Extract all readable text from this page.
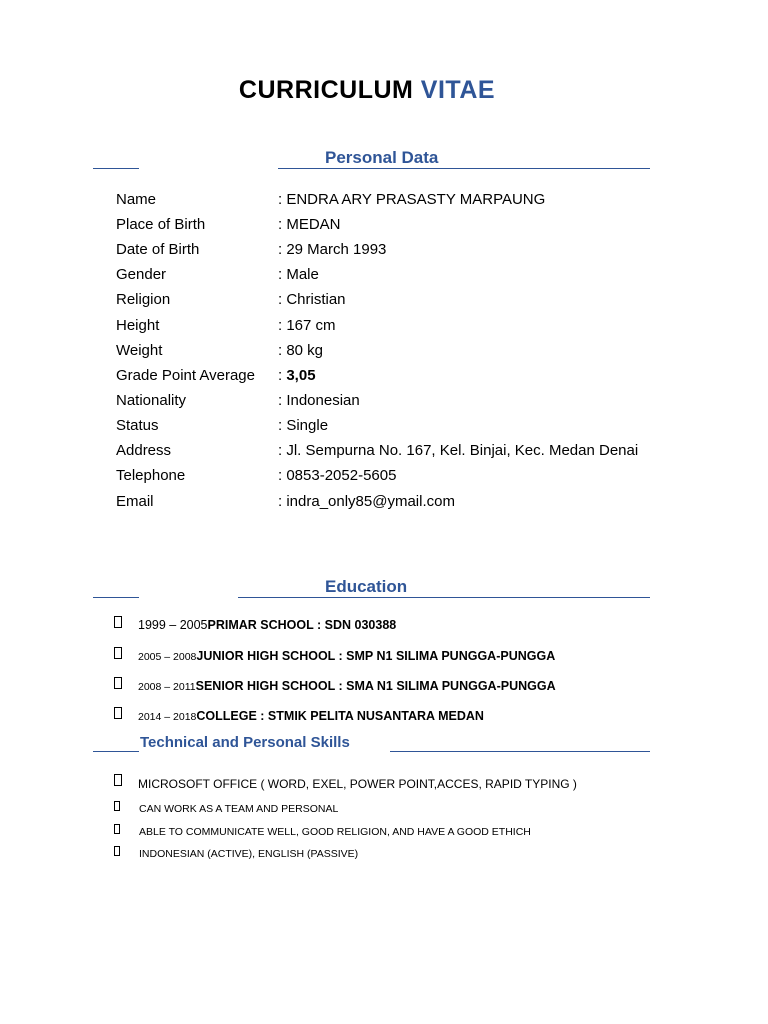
CURRICULUM VITAE
Personal Data
Name	: ENDRA ARY PRASASTY MARPAUNG
Place of Birth	: MEDAN
Date of Birth	: 29 March 1993
Gender	: Male
Religion	: Christian
Height	: 167 cm
Weight	: 80 kg
Grade Point Average : 3,05
Nationality	: Indonesian
Status	: Single
Address	: Jl. Sempurna No. 167, Kel. Binjai, Kec. Medan Denai
Telephone	: 0853-2052-5605
Email	: indra_only85@ymail.com
Education
1999 – 2005PRIMAR SCHOOL : SDN 030388
2005 – 2008JUNIOR HIGH SCHOOL : SMP N1 SILIMA PUNGGA-PUNGGA
2008 – 2011SENIOR HIGH SCHOOL : SMA N1 SILIMA PUNGGA-PUNGGA
2014 – 2018COLLEGE : STMIK PELITA NUSANTARA MEDAN
Technical and Personal Skills
MICROSOFT OFFICE ( WORD, EXEL, POWER POINT,ACCES, RAPID TYPING )
CAN WORK AS A TEAM AND PERSONAL
ABLE TO COMMUNICATE WELL, GOOD RELIGION, AND HAVE A GOOD ETHICH
INDONESIAN (ACTIVE), ENGLISH (PASSIVE)
